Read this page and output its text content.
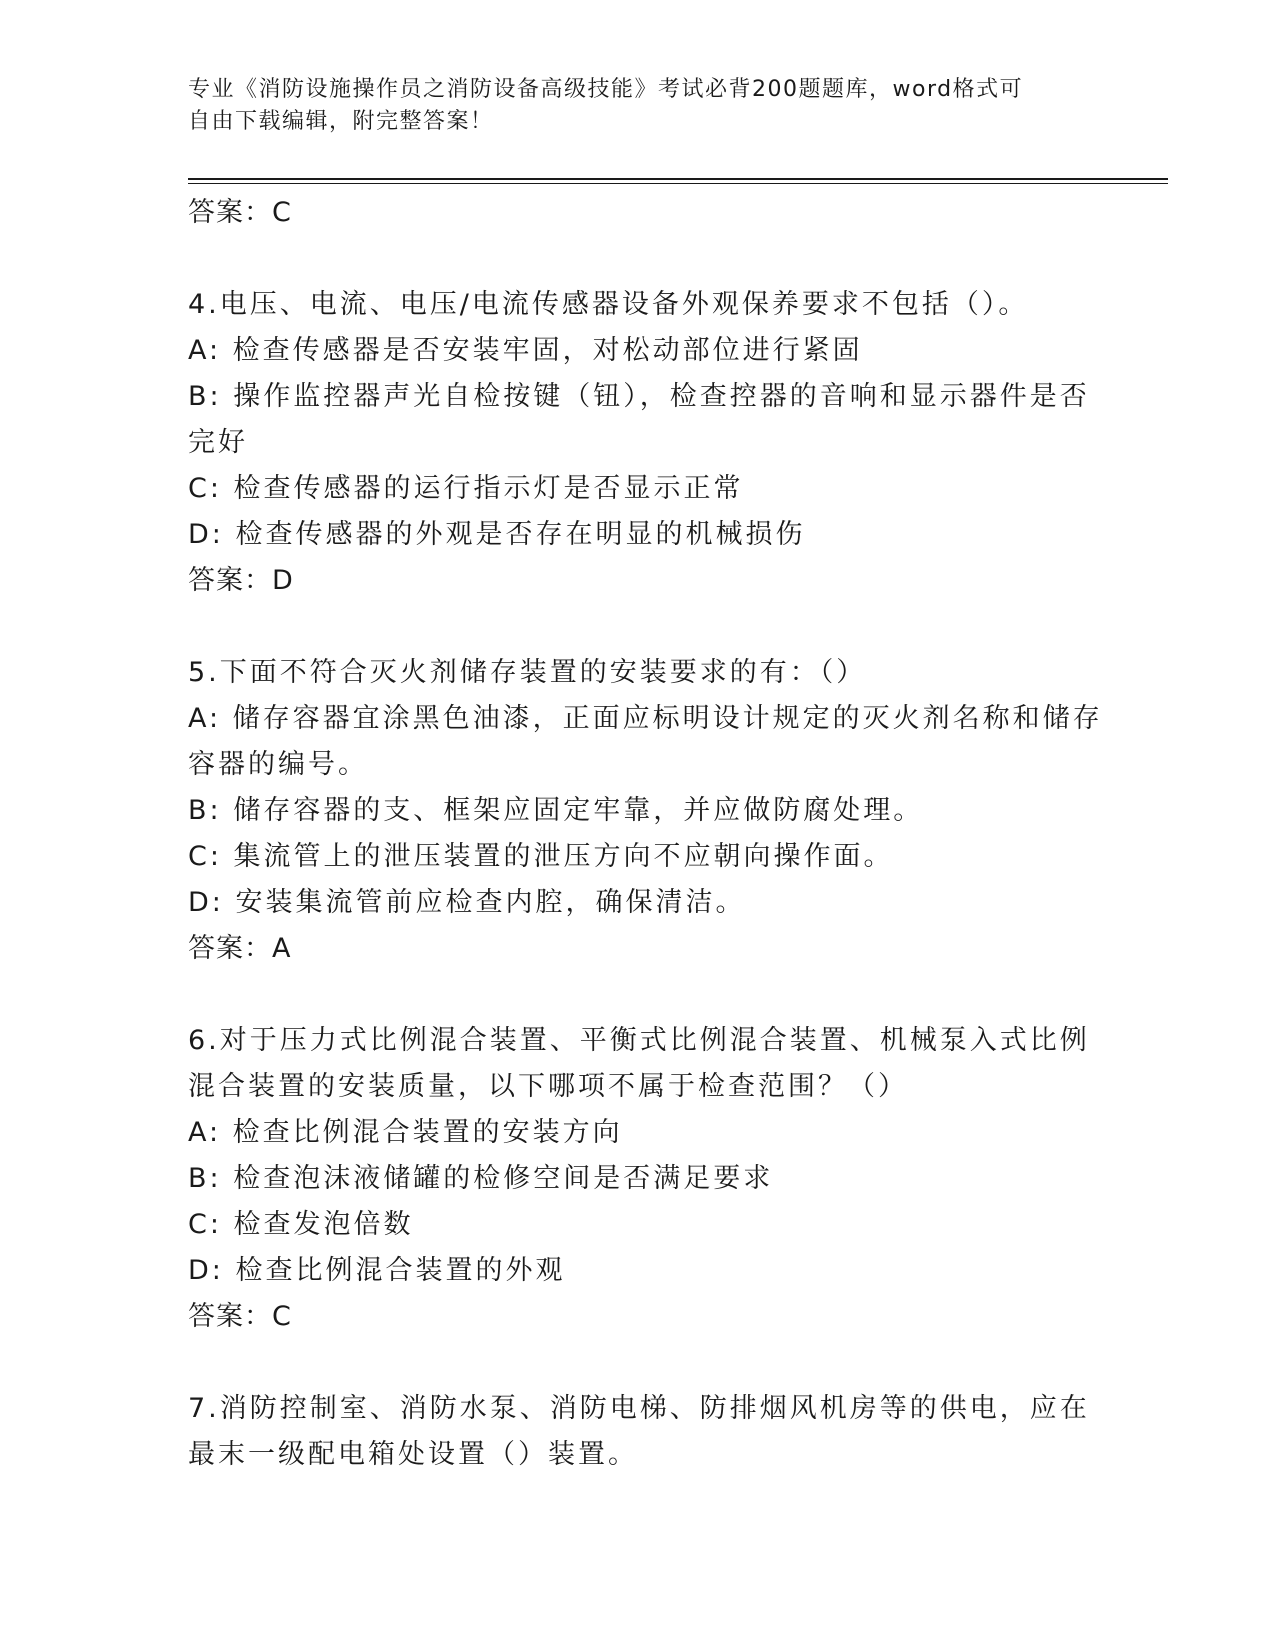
专业《消防设施操作员之消防设备高级技能》考试必背200题题库，word格式可
自由下载编辑，附完整答案！
答案：C
4.电压、电流、电压/电流传感器设备外观保养要求不包括（）。
A: 检查传感器是否安装牢固，对松动部位进行紧固
B: 操作监控器声光自检按键（钮），检查控器的音响和显示器件是否
完好
C: 检查传感器的运行指示灯是否显示正常
D: 检查传感器的外观是否存在明显的机械损伤
答案：D
5.下面不符合灭火剂储存装置的安装要求的有：（）
A: 储存容器宜涂黑色油漆，正面应标明设计规定的灭火剂名称和储存
容器的编号。
B: 储存容器的支、框架应固定牢靠，并应做防腐处理。
C: 集流管上的泄压装置的泄压方向不应朝向操作面。
D: 安装集流管前应检查内腔，确保清洁。
答案：A
6.对于压力式比例混合装置、平衡式比例混合装置、机械泵入式比例
混合装置的安装质量，以下哪项不属于检查范围？（）
A: 检查比例混合装置的安装方向
B: 检查泡沫液储罐的检修空间是否满足要求
C: 检查发泡倍数
D: 检查比例混合装置的外观
答案：C
7.消防控制室、消防水泵、消防电梯、防排烟风机房等的供电，应在
最末一级配电箱处设置（）装置。
